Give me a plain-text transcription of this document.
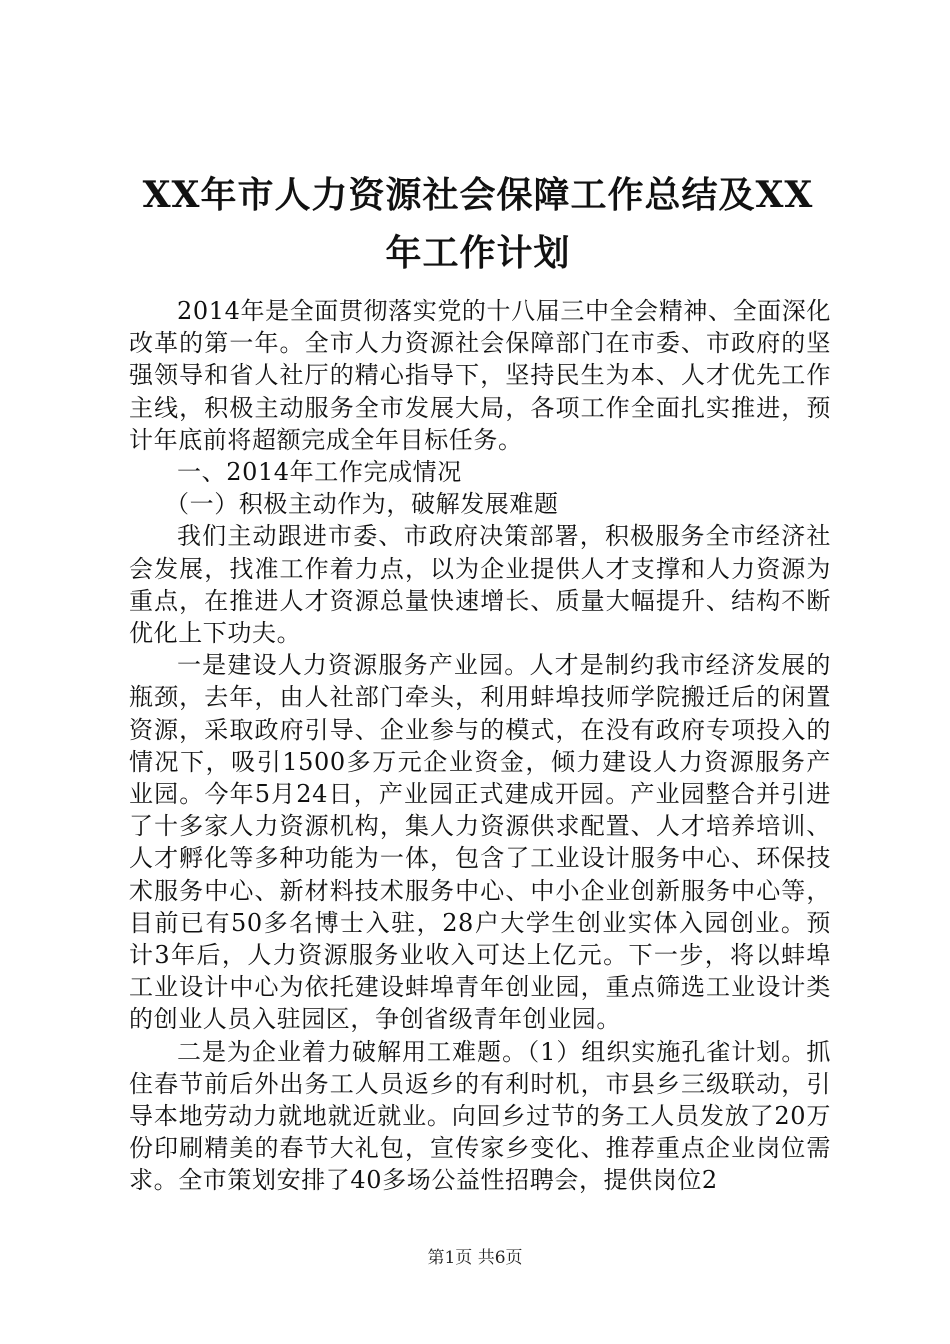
XX年市人力资源社会保障工作总结及XX年工作计划

2014年是全面贯彻落实党的十八届三中全会精神、全面深化改革的第一年。全市人力资源社会保障部门在市委、市政府的坚强领导和省人社厅的精心指导下，坚持民生为本、人才优先工作主线，积极主动服务全市发展大局，各项工作全面扎实推进，预计年底前将超额完成全年目标任务。

一、2014年工作完成情况

（一）积极主动作为，破解发展难题

我们主动跟进市委、市政府决策部署，积极服务全市经济社会发展，找准工作着力点，以为企业提供人才支撑和人力资源为重点，在推进人才资源总量快速增长、质量大幅提升、结构不断优化上下功夫。

一是建设人力资源服务产业园。人才是制约我市经济发展的瓶颈，去年，由人社部门牵头，利用蚌埠技师学院搬迁后的闲置资源，采取政府引导、企业参与的模式，在没有政府专项投入的情况下，吸引1500多万元企业资金，倾力建设人力资源服务产业园。今年5月24日，产业园正式建成开园。产业园整合并引进了十多家人力资源机构，集人力资源供求配置、人才培养培训、人才孵化等多种功能为一体，包含了工业设计服务中心、环保技术服务中心、新材料技术服务中心、中小企业创新服务中心等，目前已有50多名博士入驻，28户大学生创业实体入园创业。预计3年后，人力资源服务业收入可达上亿元。下一步，将以蚌埠工业设计中心为依托建设蚌埠青年创业园，重点筛选工业设计类的创业人员入驻园区，争创省级青年创业园。

二是为企业着力破解用工难题。（1）组织实施孔雀计划。抓住春节前后外出务工人员返乡的有利时机，市县乡三级联动，引导本地劳动力就地就近就业。向回乡过节的务工人员发放了20万份印刷精美的春节大礼包，宣传家乡变化、推荐重点企业岗位需求。全市策划安排了40多场公益性招聘会，提供岗位2

第1页 共6页
